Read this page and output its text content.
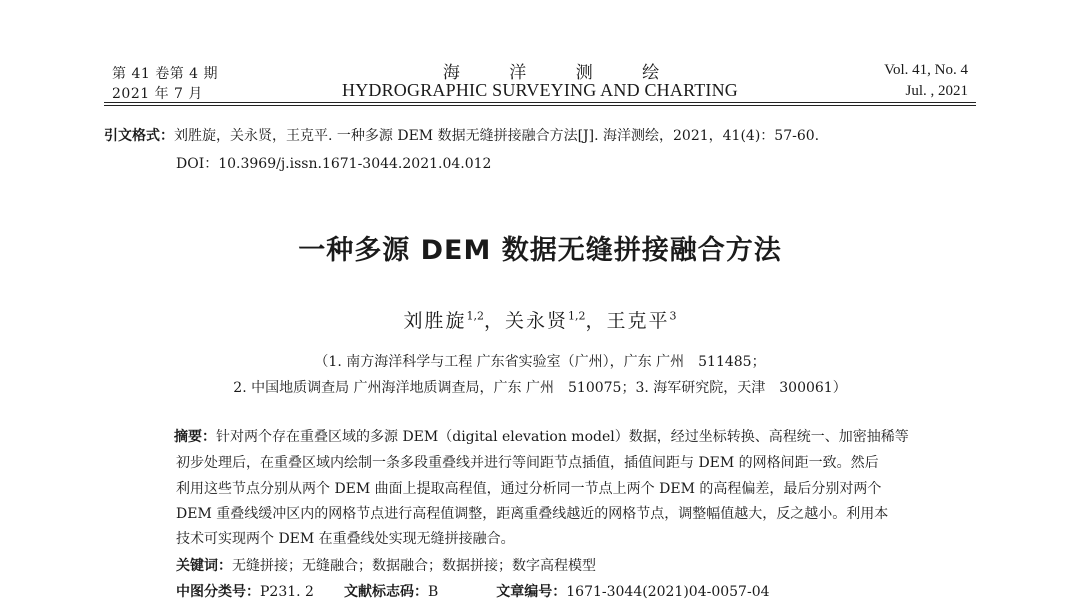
第 41 卷第 4 期
2021 年 7 月
海 洋 测 绘
HYDROGRAPHIC SURVEYING AND CHARTING
Vol. 41, No. 4
Jul. , 2021
引文格式：刘胜旋，关永贤，王克平. 一种多源 DEM 数据无缝拼接融合方法[J]. 海洋测绘，2021，41(4)：57-60.
DOI：10.3969/j.issn.1671-3044.2021.04.012
一种多源 DEM 数据无缝拼接融合方法
刘胜旋$^{1,2}$，关永贤$^{1,2}$，王克平$^3$
（1. 南方海洋科学与工程 广东省实验室（广州），广东 广州　511485；
2. 中国地质调查局 广州海洋地质调查局，广东 广州　510075；3. 海军研究院，天津　300061）
摘要：针对两个存在重叠区域的多源 DEM（digital elevation model）数据，经过坐标转换、高程统一、加密抽稀等
初步处理后，在重叠区域内绘制一条多段重叠线并进行等间距节点插值，插值间距与 DEM 的网格间距一致。然后
利用这些节点分别从两个 DEM 曲面上提取高程值，通过分析同一节点上两个 DEM 的高程偏差，最后分别对两个
DEM 重叠线缓冲区内的网格节点进行高程值调整，距离重叠线越近的网格节点，调整幅值越大，反之越小。利用本
技术可实现两个 DEM 在重叠线处实现无缝拼接融合。
关键词：无缝拼接；无缝融合；数据融合；数据拼接；数字高程模型
中图分类号：P231. 2 文献标志码：B	文章编号：1671-3044(2021)04-0057-04
